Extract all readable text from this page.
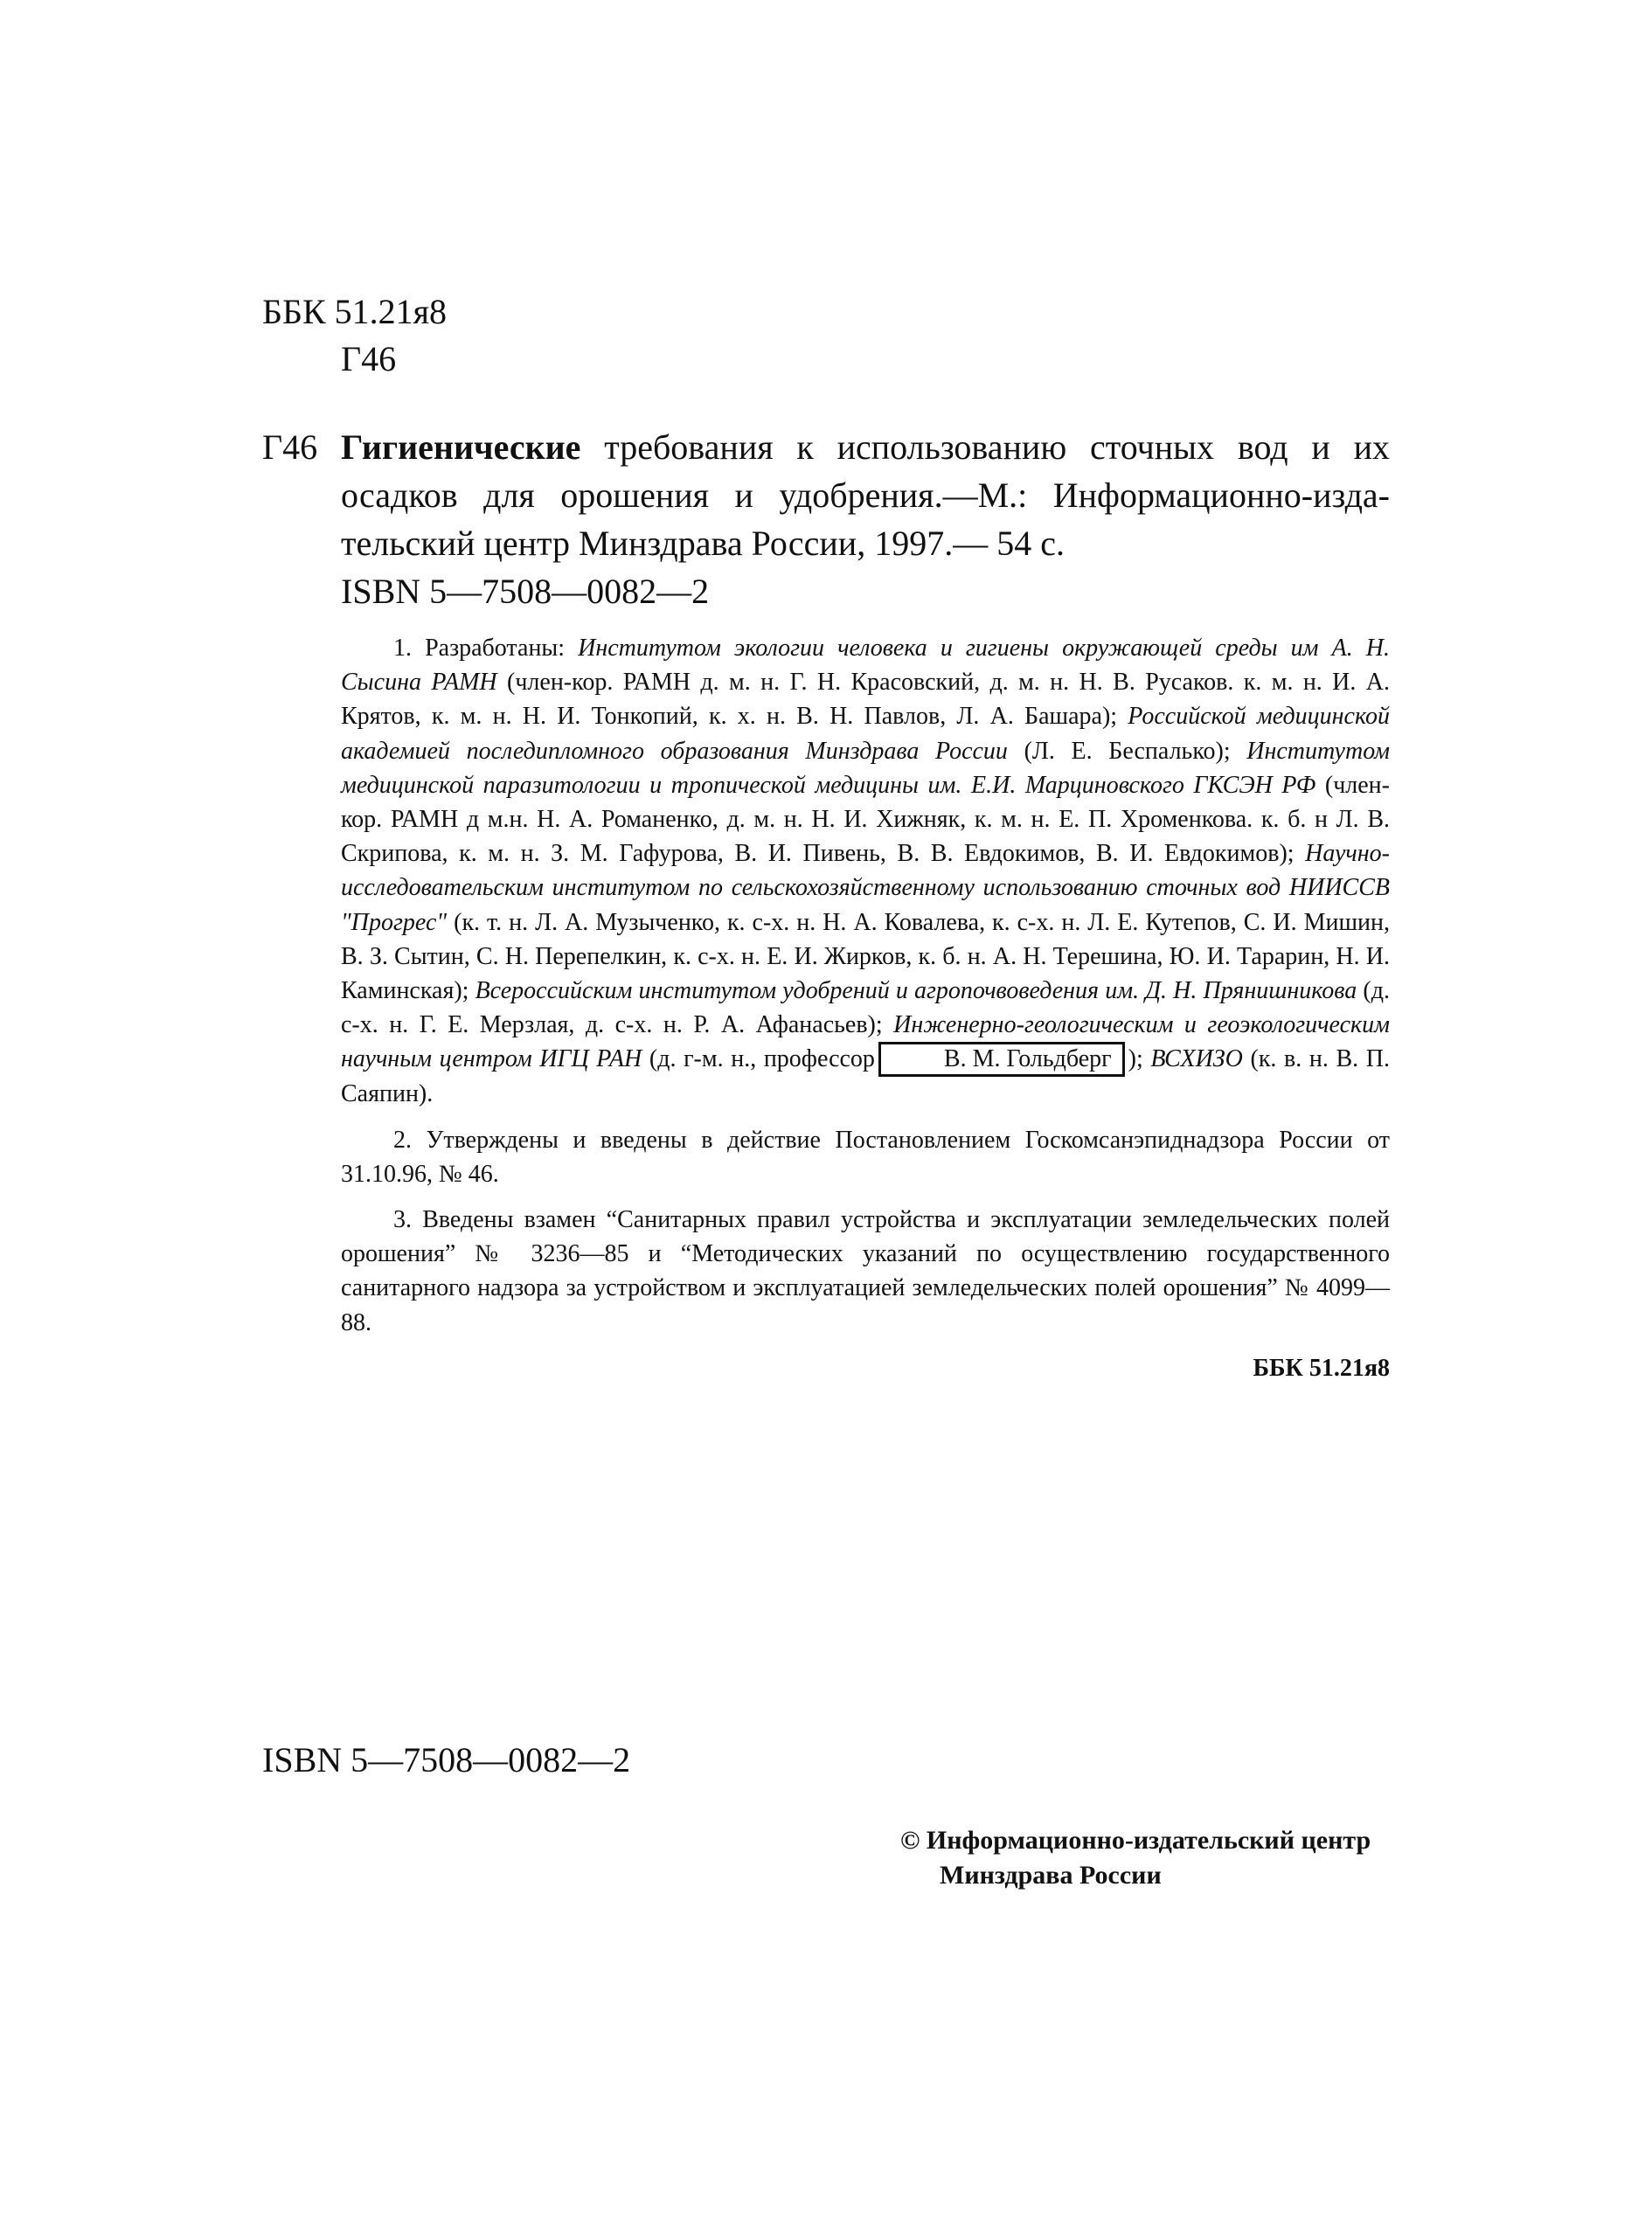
ББК 51.21я8
Г46
Г46 Гигиенические требования к использованию сточных вод и их
осадков для орошения и удобрения.—М.: Информационно-изда-
тельский центр Минздрава России, 1997.— 54 с.
ISBN 5—7508—0082—2

1. Разработаны: Институтом экологии человека и гигиены окружающей среды им А. Н. Сысина РАМН (член-кор. РАМН д. м. н. Г. Н. Красовский, д. м. н. Н. В. Русаков. к. м. н. И. А. Крятов, к. м. н. Н. И. Тонкопий, к. х. н. В. Н. Павлов, Л. А. Башара); Российской медицинской академией последипломного образования Минздрава России (Л. Е. Беспалько); Институтом медицинской паразитологии и тропической медицины им. Е.И. Марциновского ГКСЭН РФ (член-кор. РАМН д м.н. Н. А. Романенко, д. м. н. Н. И. Хижняк, к. м. н. Е. П. Хроменкова. к. б. н Л. В. Скрипова, к. м. н. З. М. Гафурова, В. И. Пивень, В. В. Евдокимов, В. И. Евдокимов); Научно-исследовательским институтом по сельскохозяйственному использованию сточных вод НИИССВ "Прогрес" (к. т. н. Л. А. Музыченко, к. с-х. н. Н. А. Ковалева, к. с-х. н. Л. Е. Кутепов, С. И. Мишин, В. З. Сытин, С. Н. Перепелкин, к. с-х. н. Е. И. Жирков, к. б. н. А. Н. Терешина, Ю. И. Тарарин, Н. И. Каминская); Всероссийским институтом удобрений и агропочвоведения им. Д. Н. Прянишникова (д. с-х. н. Г. Е. Мерзлая, д. с-х. н. Р. А. Афанасьев); Инженерно-геологическим и геоэкологическим научным центром ИГЦ РАН (д. г-м. н., профессор	В. М. Гольдберг ); ВСХИЗО (к. в. н. В. П. Саяпин).

2. Утверждены и введены в действие Постановлением Госкомсанэпиднадзора России от 31.10.96, № 46.

3. Введены взамен “Санитарных правил устройства и эксплуатации земледельческих полей орошения” № 3236—85 и “Методических указаний по осуществлению государственного санитарного надзора за устройством и эксплуатацией земледельческих полей орошения” № 4099—88.

ББК 51.21я8
ISBN 5—7508—0082—2
© Информационно-издательский центр
Минздрава России
